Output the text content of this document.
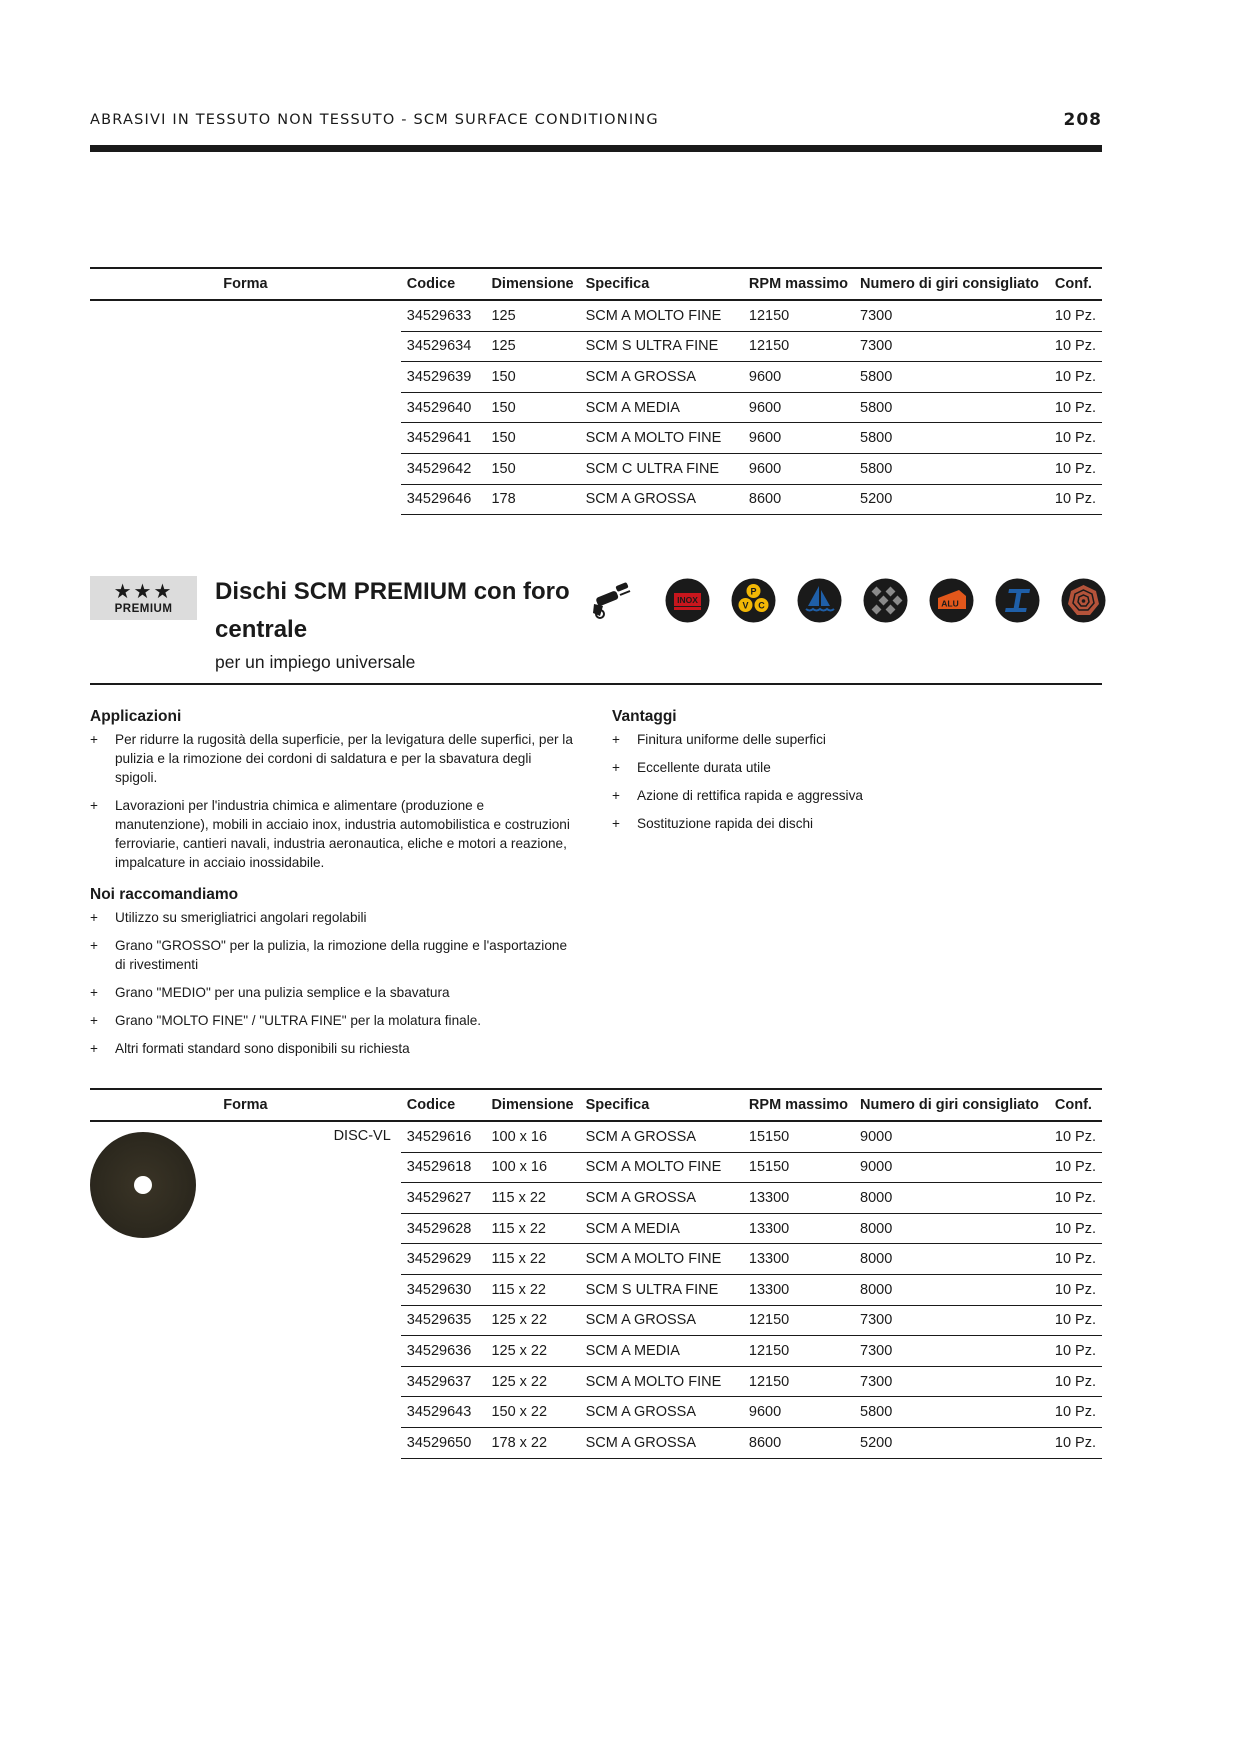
ABRASIVI IN TESSUTO NON TESSUTO - SCM SURFACE CONDITIONING	208
Forma	Codice	Dimensione	Specifica	RPM massimo	Numero di giri consigliato	Conf.
	34529633	125	SCM A MOLTO FINE	12150	7300	10 Pz.
	34529634	125	SCM S ULTRA FINE	12150	7300	10 Pz.
	34529639	150	SCM A GROSSA	9600	5800	10 Pz.
	34529640	150	SCM A MEDIA	9600	5800	10 Pz.
	34529641	150	SCM A MOLTO FINE	9600	5800	10 Pz.
	34529642	150	SCM C ULTRA FINE	9600	5800	10 Pz.
	34529646	178	SCM A GROSSA	8600	5200	10 Pz.
★★★
PREMIUM
Dischi SCM PREMIUM con foro centrale
per un impiego universale
INOX
P
V C	ALU
Applicazioni
+ Per ridurre la rugosità della superficie, per la levigatura delle superfici, per la pulizia e la rimozione dei cordoni di saldatura e per la sbavatura degli spigoli.
+ Lavorazioni per l'industria chimica e alimentare (produzione e manutenzione), mobili in acciaio inox, industria automobilistica e costruzioni ferroviarie, cantieri navali, industria aeronautica, eliche e motori a reazione, impalcature in acciaio inossidabile.
Vantaggi
+ Finitura uniforme delle superfici
+ Eccellente durata utile
+ Azione di rettifica rapida e aggressiva
+ Sostituzione rapida dei dischi
Noi raccomandiamo
+ Utilizzo su smerigliatrici angolari regolabili
+ Grano "GROSSO" per la pulizia, la rimozione della ruggine e l'asportazione di rivestimenti
+ Grano "MEDIO" per una pulizia semplice e la sbavatura
+ Grano "MOLTO FINE" / "ULTRA FINE" per la molatura finale.
+ Altri formati standard sono disponibili su richiesta
Forma	Codice	Dimensione	Specifica	RPM massimo	Numero di giri consigliato	Conf.

DISC-VL	34529616	100 x 16	SCM A GROSSA	15150	9000	10 Pz.
	34529618	100 x 16	SCM A MOLTO FINE	15150	9000	10 Pz.
	34529627	115 x 22	SCM A GROSSA	13300	8000	10 Pz.
	34529628	115 x 22	SCM A MEDIA	13300	8000	10 Pz.
	34529629	115 x 22	SCM A MOLTO FINE	13300	8000	10 Pz.
	34529630	115 x 22	SCM S ULTRA FINE	13300	8000	10 Pz.
	34529635	125 x 22	SCM A GROSSA	12150	7300	10 Pz.
	34529636	125 x 22	SCM A MEDIA	12150	7300	10 Pz.
	34529637	125 x 22	SCM A MOLTO FINE	12150	7300	10 Pz.
	34529643	150 x 22	SCM A GROSSA	9600	5800	10 Pz.
	34529650	178 x 22	SCM A GROSSA	8600	5200	10 Pz.
